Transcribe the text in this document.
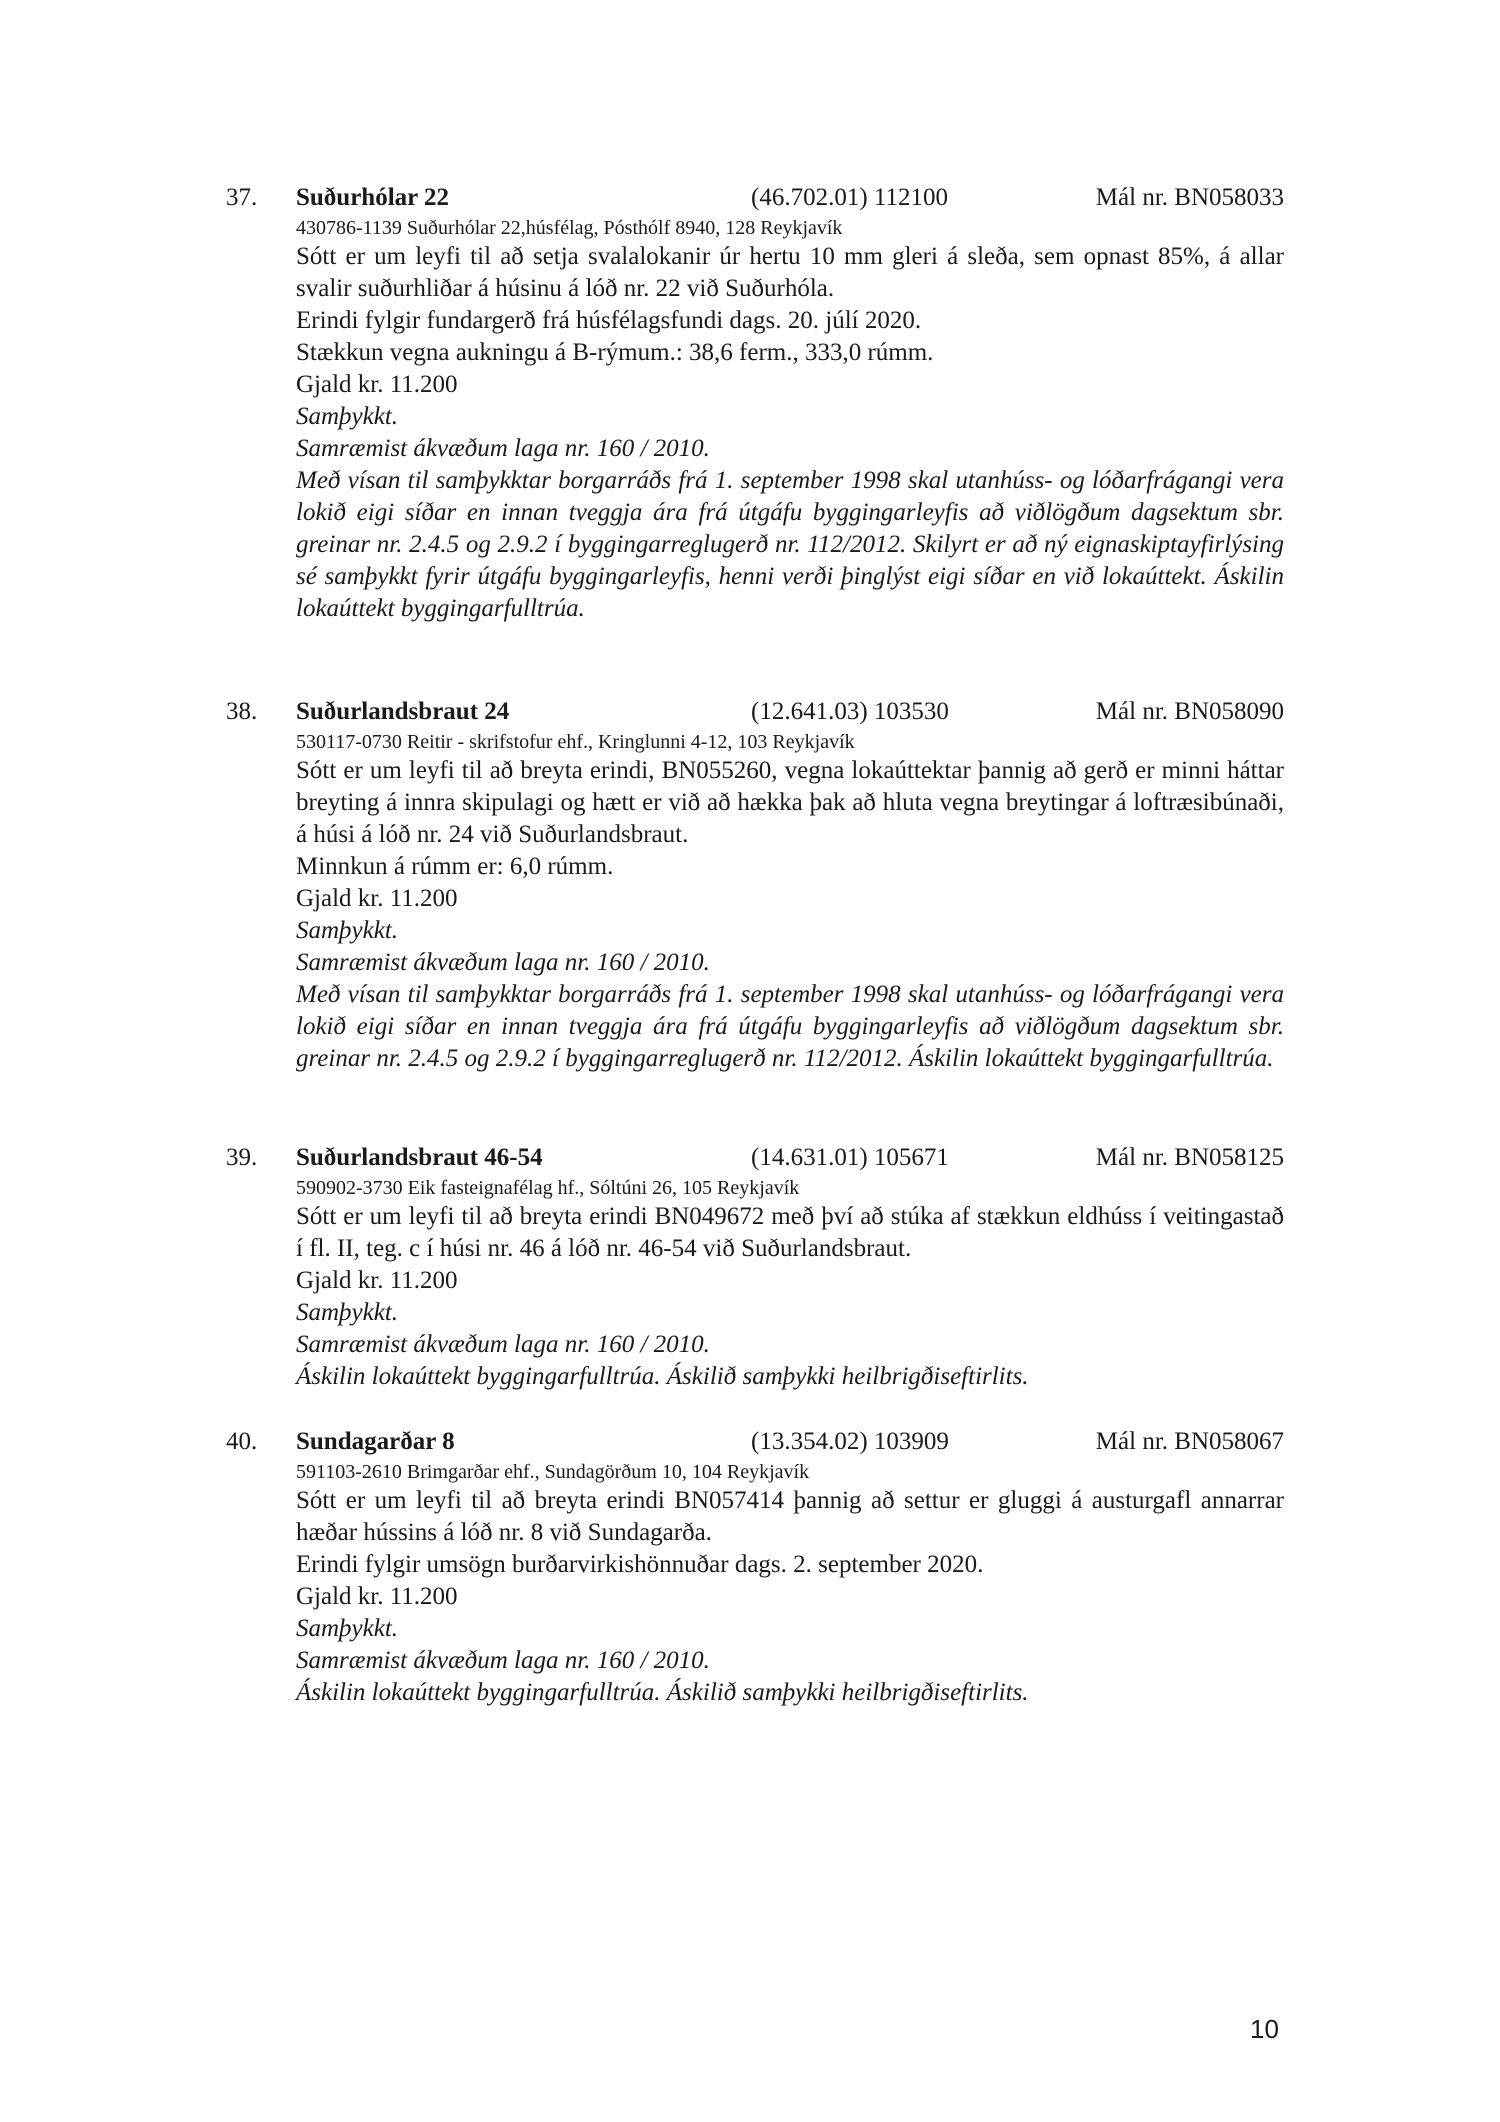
37. Suðurhólar 22	(46.702.01) 112100	Mál nr. BN058033
430786-1139 Suðurhólar 22,húsfélag, Pósthólf 8940, 128 Reykjavík

Sótt er um leyfi til að setja svalalokanir úr hertu 10 mm gleri á sleða, sem opnast 85%, á allar svalir suðurhliðar á húsinu á lóð nr. 22 við Suðurhóla.

Erindi fylgir fundargerð frá húsfélagsfundi dags. 20. júlí 2020.

Stækkun vegna aukningu á B-rýmum.: 38,6 ferm., 333,0 rúmm.

Gjald kr. 11.200

Samþykkt.

Samræmist ákvæðum laga nr. 160 / 2010.

Með vísan til samþykktar borgarráðs frá 1. september 1998 skal utanhúss- og lóðarfrágangi vera lokið eigi síðar en innan tveggja ára frá útgáfu byggingarleyfis að viðlögðum dagsektum sbr. greinar nr. 2.4.5 og 2.9.2 í byggingarreglugerð nr. 112/2012. Skilyrt er að ný eignaskiptayfirlýsing sé samþykkt fyrir útgáfu byggingarleyfis, henni verði þinglýst eigi síðar en við lokaúttekt. Áskilin lokaúttekt byggingarfulltrúa.

38. Suðurlandsbraut 24	(12.641.03) 103530	Mál nr. BN058090
530117-0730 Reitir - skrifstofur ehf., Kringlunni 4-12, 103 Reykjavík

Sótt er um leyfi til að breyta erindi, BN055260, vegna lokaúttektar þannig að gerð er minni háttar breyting á innra skipulagi og hætt er við að hækka þak að hluta vegna breytingar á loftræsibúnaði, á húsi á lóð nr. 24 við Suðurlandsbraut.

Minnkun á rúmm er: 6,0 rúmm.

Gjald kr. 11.200

Samþykkt.

Samræmist ákvæðum laga nr. 160 / 2010.

Með vísan til samþykktar borgarráðs frá 1. september 1998 skal utanhúss- og lóðarfrágangi vera lokið eigi síðar en innan tveggja ára frá útgáfu byggingarleyfis að viðlögðum dagsektum sbr. greinar nr. 2.4.5 og 2.9.2 í byggingarreglugerð nr. 112/2012. Áskilin lokaúttekt byggingarfulltrúa.

39. Suðurlandsbraut 46-54	(14.631.01) 105671	Mál nr. BN058125
590902-3730 Eik fasteignafélag hf., Sóltúni 26, 105 Reykjavík

Sótt er um leyfi til að breyta erindi BN049672 með því að stúka af stækkun eldhúss í veitingastað í fl. II, teg. c í húsi nr. 46 á lóð nr. 46-54 við Suðurlandsbraut.

Gjald kr. 11.200

Samþykkt.

Samræmist ákvæðum laga nr. 160 / 2010.

Áskilin lokaúttekt byggingarfulltrúa. Áskilið samþykki heilbrigðiseftirlits.

40. Sundagarðar 8	(13.354.02) 103909	Mál nr. BN058067
591103-2610 Brimgarðar ehf., Sundagörðum 10, 104 Reykjavík

Sótt er um leyfi til að breyta erindi BN057414 þannig að settur er gluggi á austurgafl annarrar hæðar hússins á lóð nr. 8 við Sundagarða.

Erindi fylgir umsögn burðarvirkishönnuðar dags. 2. september 2020.

Gjald kr. 11.200

Samþykkt.

Samræmist ákvæðum laga nr. 160 / 2010.

Áskilin lokaúttekt byggingarfulltrúa. Áskilið samþykki heilbrigðiseftirlits.

10
